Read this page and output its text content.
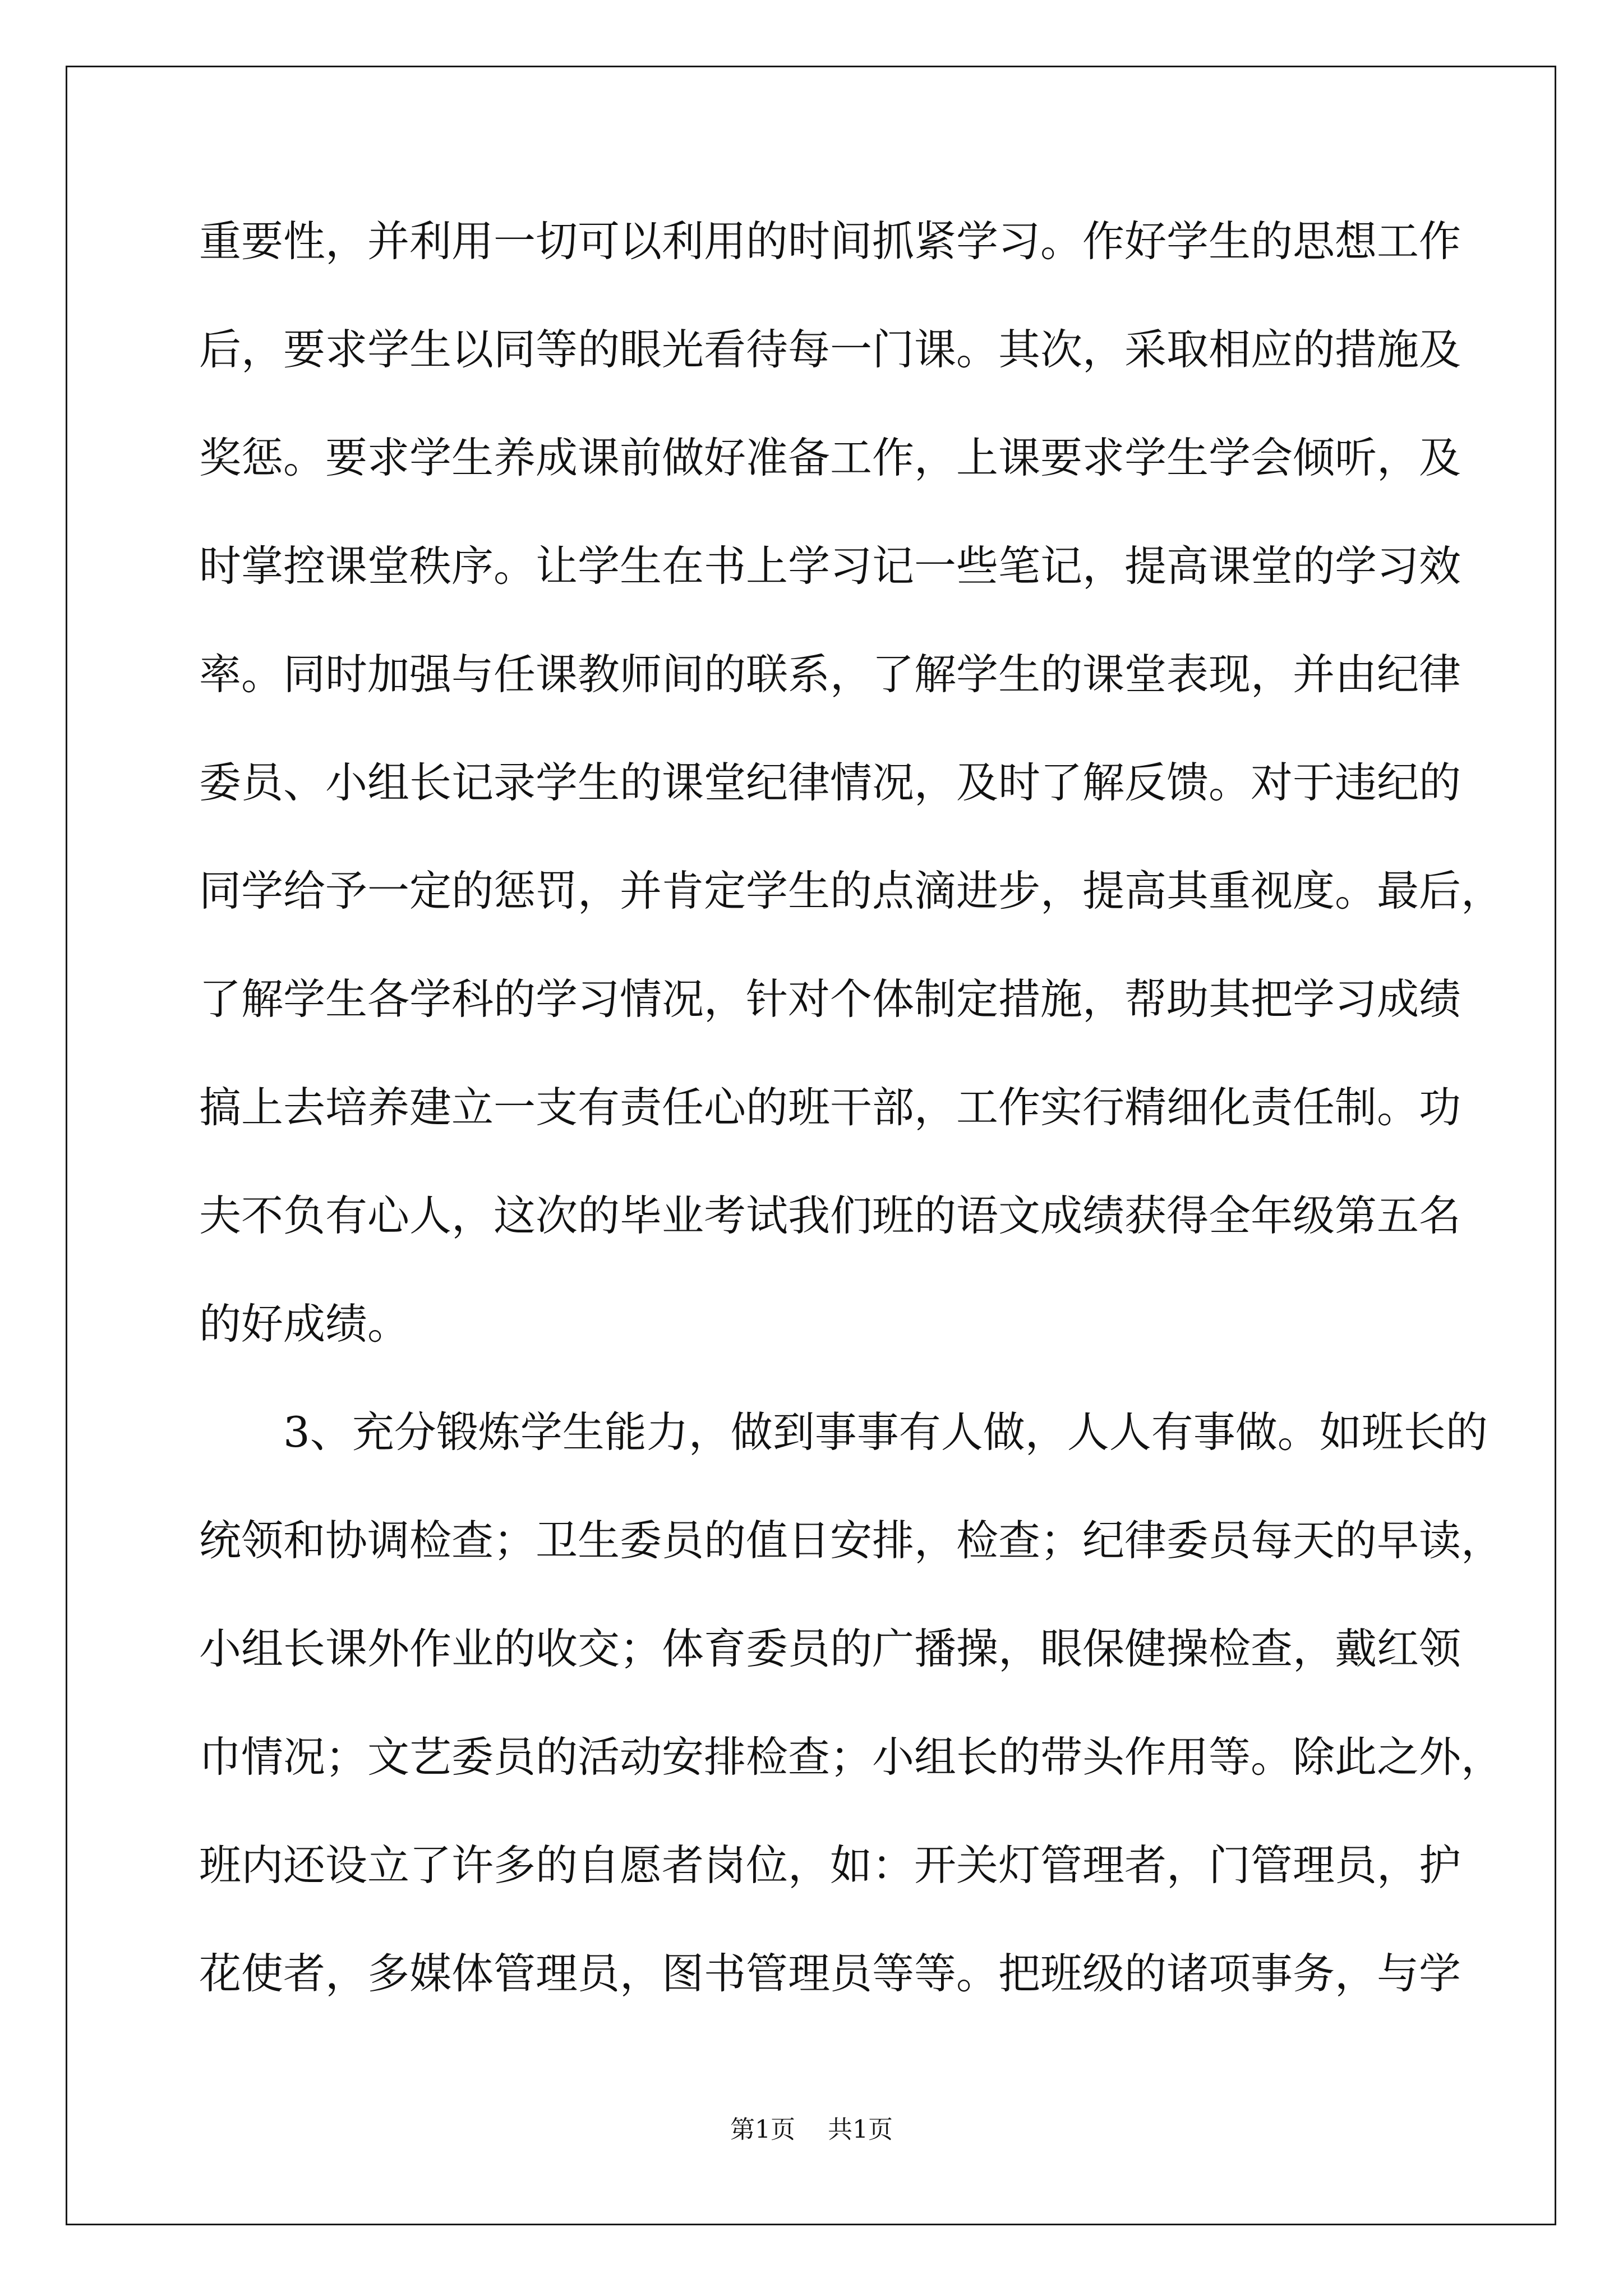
重要性，并利用一切可以利用的时间抓紧学习。作好学生的思想工作
后，要求学生以同等的眼光看待每一门课。其次，采取相应的措施及
奖惩。要求学生养成课前做好准备工作，上课要求学生学会倾听，及
时掌控课堂秩序。让学生在书上学习记一些笔记，提高课堂的学习效
率。同时加强与任课教师间的联系，了解学生的课堂表现，并由纪律
委员、小组长记录学生的课堂纪律情况，及时了解反馈。对于违纪的
同学给予一定的惩罚，并肯定学生的点滴进步，提高其重视度。最后，
了解学生各学科的学习情况，针对个体制定措施，帮助其把学习成绩
搞上去培养建立一支有责任心的班干部，工作实行精细化责任制。功
夫不负有心人，这次的毕业考试我们班的语文成绩获得全年级第五名
的好成绩。
3、充分锻炼学生能力，做到事事有人做，人人有事做。如班长的
统领和协调检查；卫生委员的值日安排，检查；纪律委员每天的早读，
小组长课外作业的收交；体育委员的广播操，眼保健操检查，戴红领
巾情况；文艺委员的活动安排检查；小组长的带头作用等。除此之外，
班内还设立了许多的自愿者岗位，如：开关灯管理者，门管理员，护
花使者，多媒体管理员，图书管理员等等。把班级的诸项事务，与学
第1页 共1页
